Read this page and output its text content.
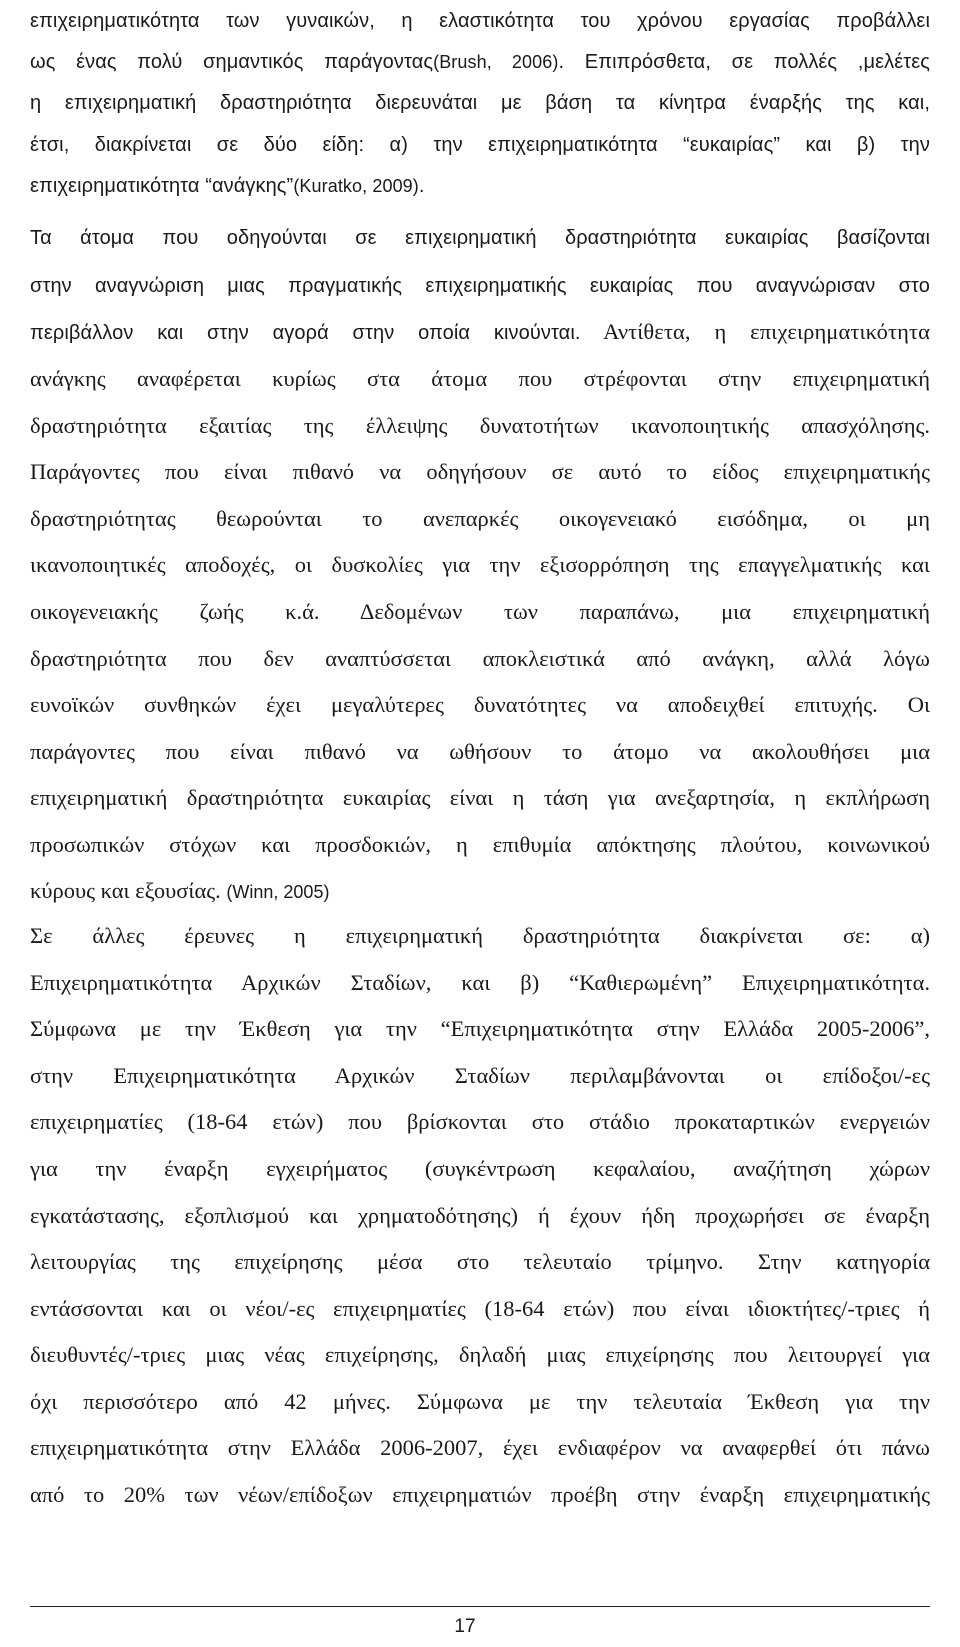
επιχειρηματικότητα των γυναικών, η ελαστικότητα του χρόνου εργασίας προβάλλει
ως ένας πολύ σημαντικός παράγοντας(Brush, 2006). Επιπρόσθετα, σε πολλές ,μελέτες
η επιχειρηματική δραστηριότητα διερευνάται με βάση τα κίνητρα έναρξής της και,
έτσι, διακρίνεται σε δύο είδη: α) την επιχειρηματικότητα “ευκαιρίας” και β) την
επιχειρηματικότητα “ανάγκης”(Kuratko, 2009).
Τα άτομα που οδηγούνται σε επιχειρηματική δραστηριότητα ευκαιρίας βασίζονται
στην αναγνώριση μιας πραγματικής επιχειρηματικής ευκαιρίας που αναγνώρισαν στο
περιβάλλον και στην αγορά στην οποία κινούνται. Αντίθετα, η επιχειρηματικότητα
ανάγκης αναφέρεται κυρίως στα άτομα που στρέφονται στην επιχειρηματική
δραστηριότητα εξαιτίας της έλλειψης δυνατοτήτων ικανοποιητικής απασχόλησης.
Παράγοντες που είναι πιθανό να οδηγήσουν σε αυτό το είδος επιχειρηματικής
δραστηριότητας θεωρούνται το ανεπαρκές οικογενειακό εισόδημα, οι μη
ικανοποιητικές αποδοχές, οι δυσκολίες για την εξισορρόπηση της επαγγελματικής και
οικογενειακής ζωής κ.ά. Δεδομένων των παραπάνω, μια επιχειρηματική
δραστηριότητα που δεν αναπτύσσεται αποκλειστικά από ανάγκη, αλλά λόγω
ευνοϊκών συνθηκών έχει μεγαλύτερες δυνατότητες να αποδειχθεί επιτυχής. Οι
παράγοντες που είναι πιθανό να ωθήσουν το άτομο να ακολουθήσει μια
επιχειρηματική δραστηριότητα ευκαιρίας είναι η τάση για ανεξαρτησία, η εκπλήρωση
προσωπικών στόχων και προσδοκιών, η επιθυμία απόκτησης πλούτου, κοινωνικού
κύρους και εξουσίας. (Winn, 2005)
Σε άλλες έρευνες η επιχειρηματική δραστηριότητα διακρίνεται σε: α)
Επιχειρηματικότητα Αρχικών Σταδίων, και β) “Καθιερωμένη” Επιχειρηματικότητα.
Σύμφωνα με την Έκθεση για την “Επιχειρηματικότητα στην Ελλάδα 2005-2006”,
στην Επιχειρηματικότητα Αρχικών Σταδίων περιλαμβάνονται οι επίδοξοι/-ες
επιχειρηματίες (18-64 ετών) που βρίσκονται στο στάδιο προκαταρτικών ενεργειών
για την έναρξη εγχειρήματος (συγκέντρωση κεφαλαίου, αναζήτηση χώρων
εγκατάστασης, εξοπλισμού και χρηματοδότησης) ή έχουν ήδη προχωρήσει σε έναρξη
λειτουργίας της επιχείρησης μέσα στο τελευταίο τρίμηνο. Στην κατηγορία
εντάσσονται και οι νέοι/-ες επιχειρηματίες (18-64 ετών) που είναι ιδιοκτήτες/-τριες ή
διευθυντές/-τριες μιας νέας επιχείρησης, δηλαδή μιας επιχείρησης που λειτουργεί για
όχι περισσότερο από 42 μήνες. Σύμφωνα με την τελευταία Έκθεση για την
επιχειρηματικότητα στην Ελλάδα 2006-2007, έχει ενδιαφέρον να αναφερθεί ότι πάνω
από το 20% των νέων/επίδοξων επιχειρηματιών προέβη στην έναρξη επιχειρηματικής
17
